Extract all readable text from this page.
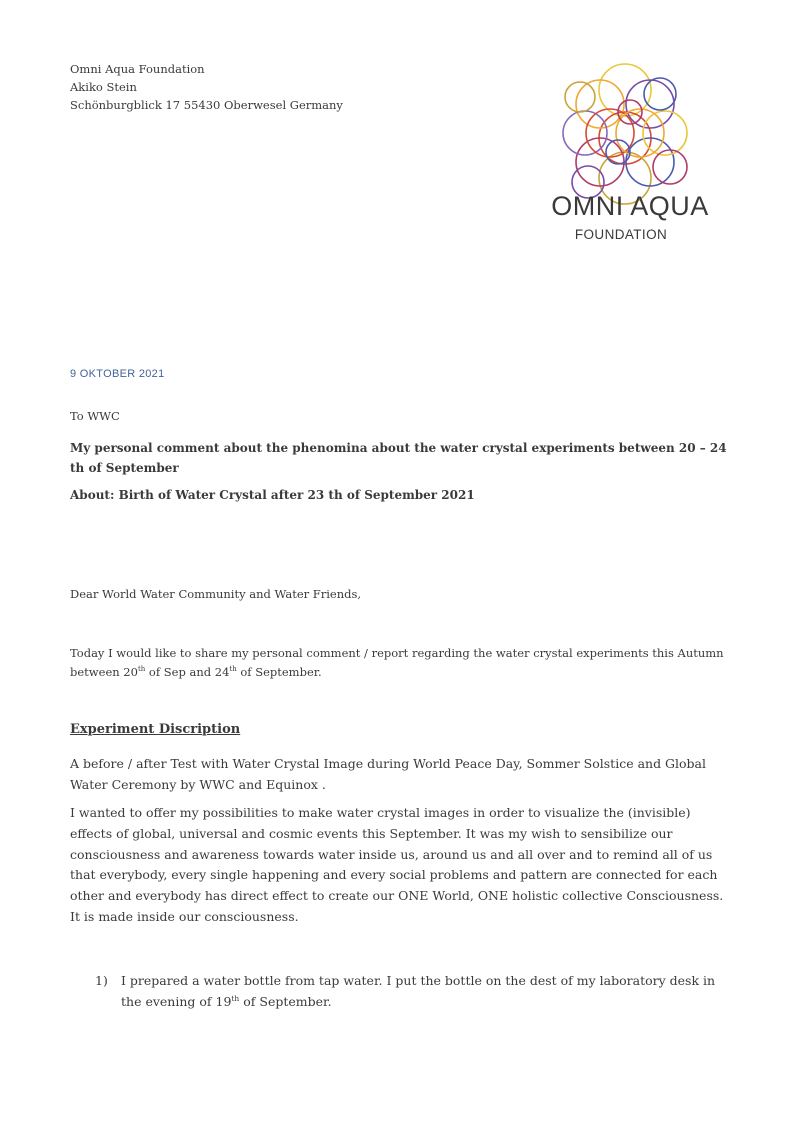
Omni Aqua Foundation
Akiko Stein
Schönburgblick 17 55430 Oberwesel Germany
OMNI AQUA
FOUNDATION
9 OKTOBER 2021
To WWC
My personal comment about the phenomina about the water crystal experiments between 20 – 24 th of September
About: Birth of Water Crystal after 23 th of September 2021
Dear World Water Community and Water Friends,
Today I would like to share my personal comment / report regarding the water crystal experiments this Autumn between 20th of Sep and 24th of September.
Experiment Discription
A before / after Test with Water Crystal Image during World Peace Day, Sommer Solstice and Global Water Ceremony by WWC and Equinox .
I wanted to offer my possibilities to make water crystal images in order to visualize the (invisible) effects of global, universal and cosmic events this September. It was my wish to sensibilize our consciousness and awareness towards water inside us, around us and all over and to remind all of us that everybody, every single happening and every social problems and pattern are connected for each other and everybody has direct effect to create our ONE World, ONE holistic collective Consciousness. It is made inside our consciousness.
1) I prepared a water bottle from tap water. I put the bottle on the dest of my laboratory desk in the evening of 19th of September.
